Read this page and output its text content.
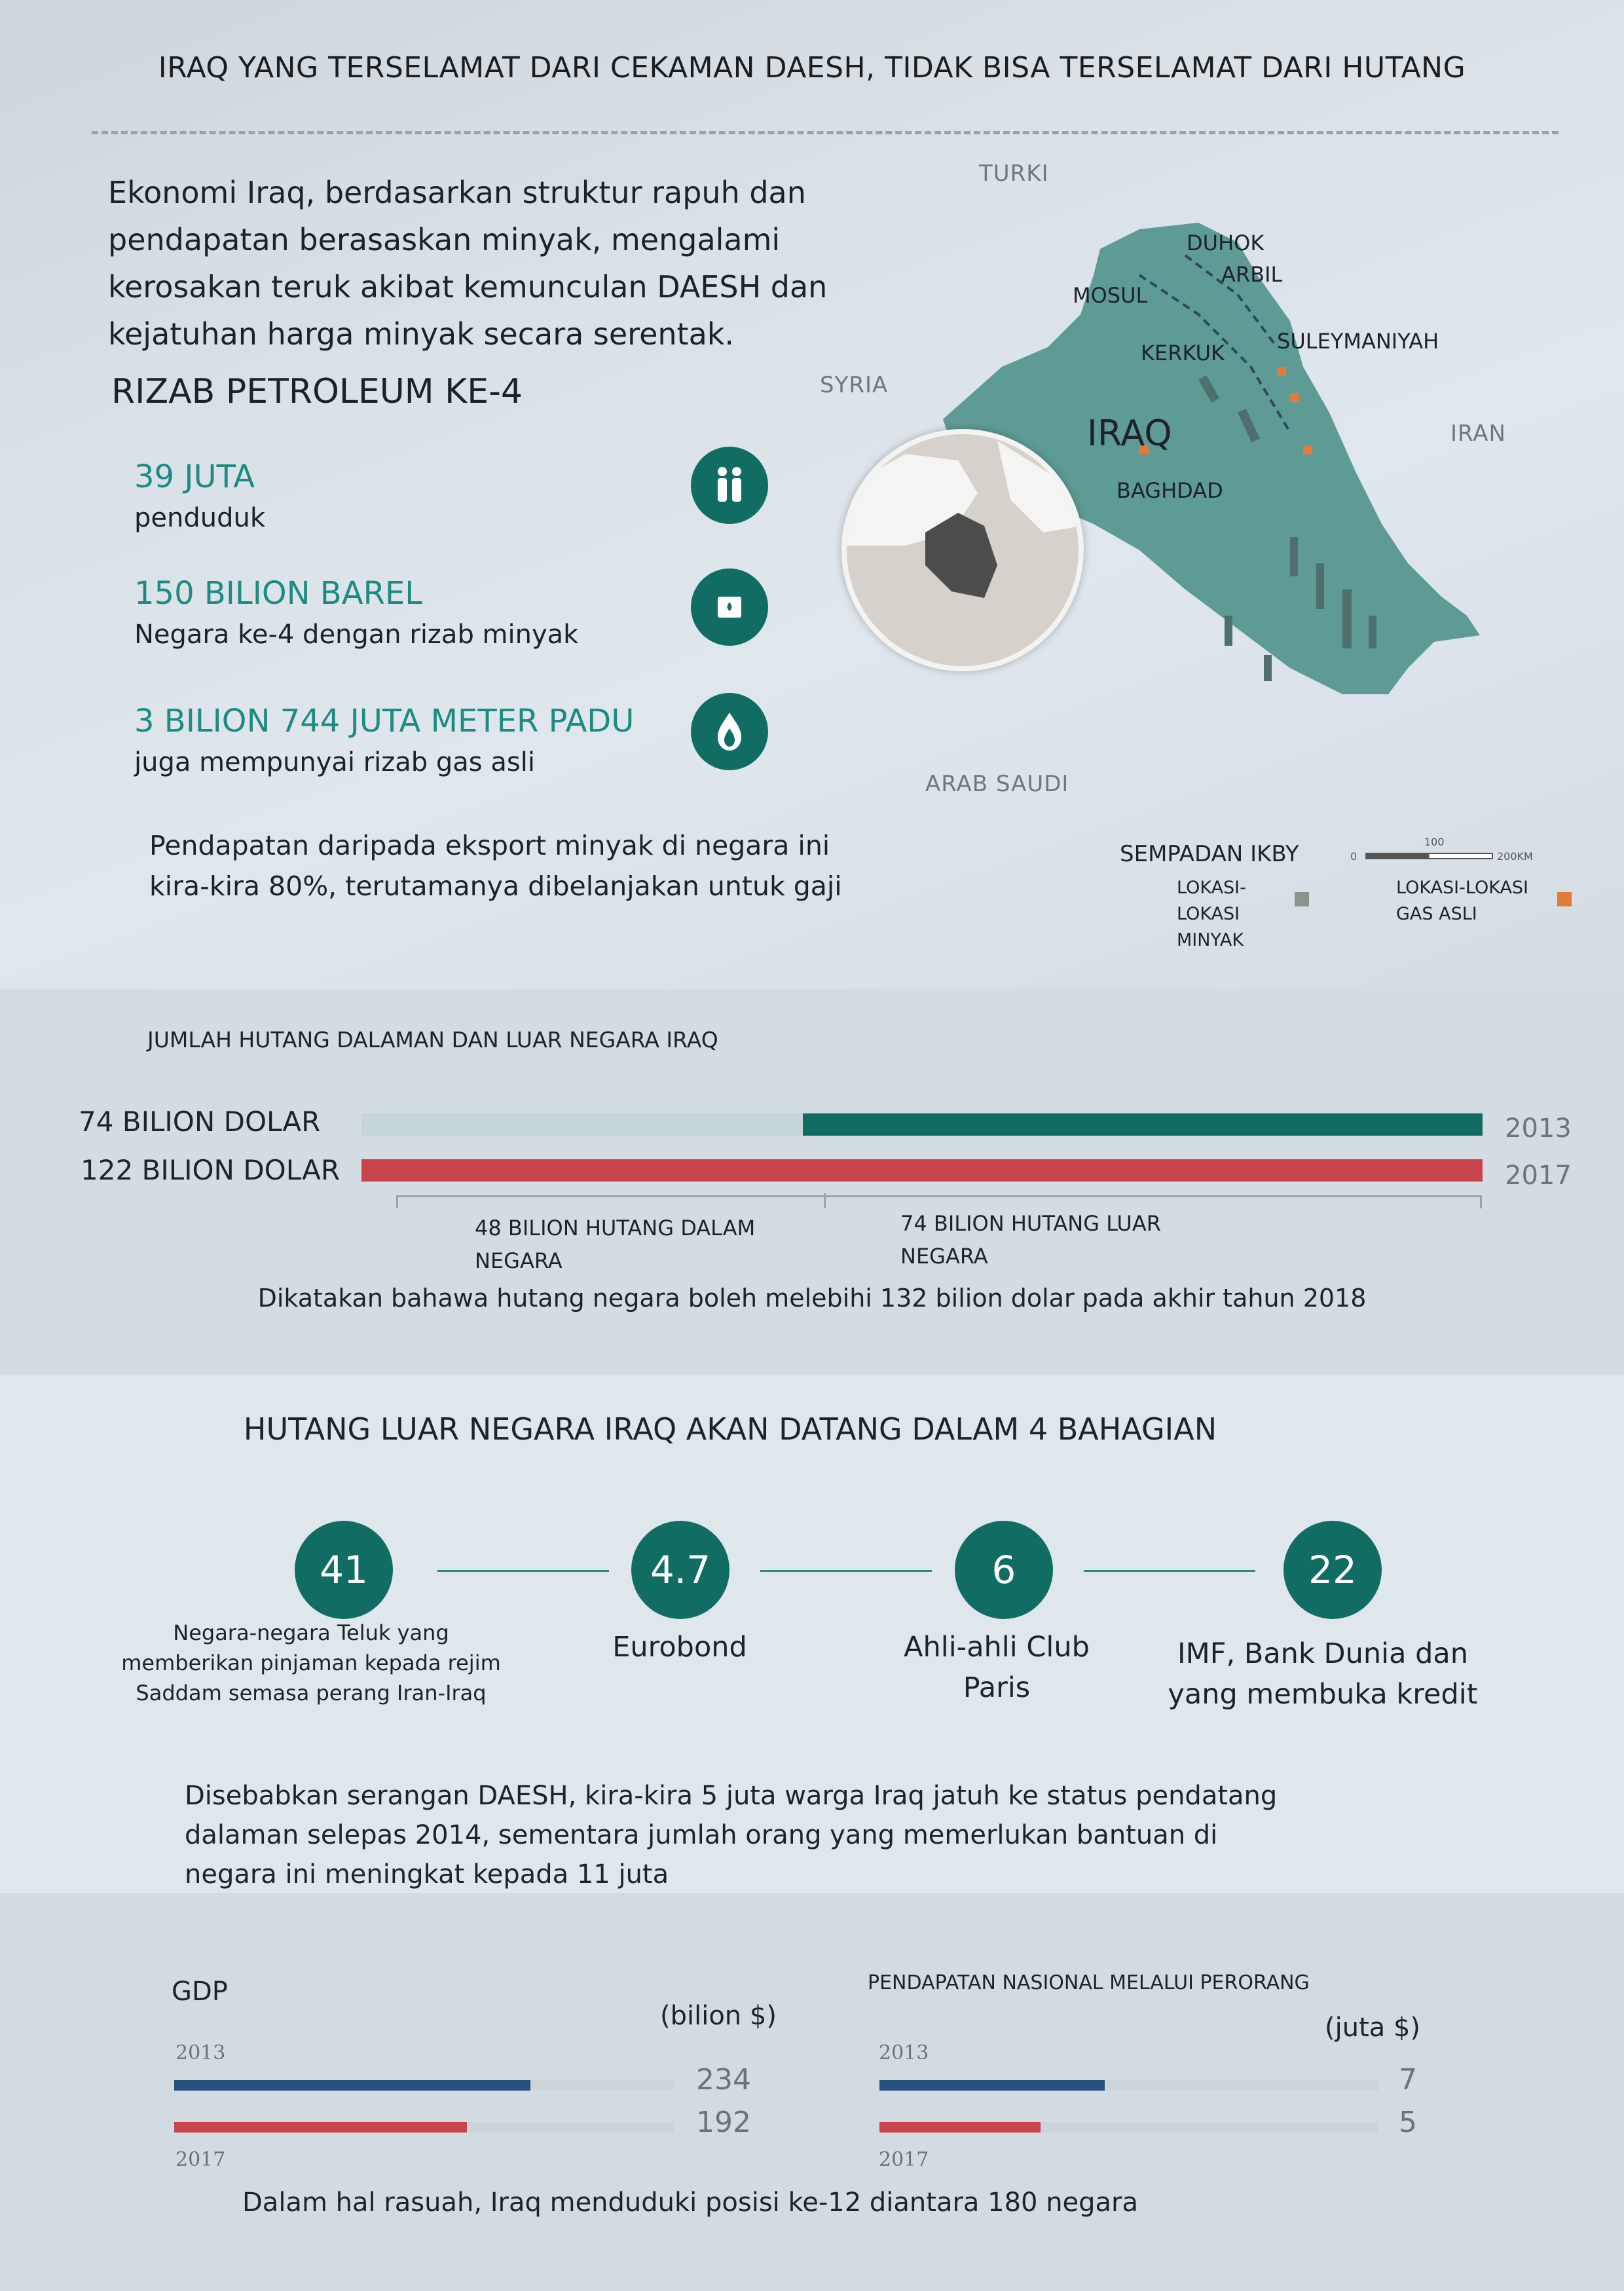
IRAQ YANG TERSELAMAT DARI CEKAMAN DAESH, TIDAK BISA TERSELAMAT DARI HUTANG
Ekonomi Iraq, berdasarkan struktur rapuh dan pendapatan berasaskan minyak, mengalami kerosakan teruk akibat kemunculan DAESH dan kejatuhan harga minyak secara serentak.
RIZAB PETROLEUM KE-4
39 JUTA
penduduk
150 BILION BAREL
Negara ke-4 dengan rizab minyak
3 BILION 744 JUTA METER PADU
juga mempunyai rizab gas asli
Pendapatan daripada eksport minyak di negara ini kira-kira 80%, terutamanya dibelanjakan untuk gaji
TURKI
SYRIA
IRAN
ARAB SAUDI
IRAQ
DUHOK
ARBIL
MOSUL
KERKUK	SULEYMANIYAH
BAGHDAD
SEMPADAN IKBY
LOKASI-LOKASI MINYAK
LOKASI-LOKASI GAS ASLI
100
0	200KM
JUMLAH HUTANG DALAMAN DAN LUAR NEGARA IRAQ
74 BILION DOLAR
122 BILION DOLAR
2013
2017
48 BILION HUTANG DALAM NEGARA
74 BILION HUTANG LUAR NEGARA
Dikatakan bahawa hutang negara boleh melebihi 132 bilion dolar pada akhir tahun 2018
HUTANG LUAR NEGARA IRAQ AKAN DATANG DALAM 4 BAHAGIAN
41	4.7	6	22
Negara-negara Teluk yang memberikan pinjaman kepada rejim Saddam semasa perang Iran-Iraq
Eurobond	Ahli-ahli Club Paris
IMF, Bank Dunia dan yang membuka kredit
Disebabkan serangan DAESH, kira-kira 5 juta warga Iraq jatuh ke status pendatang dalaman selepas 2014, sementara jumlah orang yang memerlukan bantuan di negara ini meningkat kepada 11 juta
GDP
(bilion $)
2013
234
192
2017
PENDAPATAN NASIONAL MELALUI PERORANG
(juta $)
2013
7
5
2017
Dalam hal rasuah, Iraq menduduki posisi ke-12 diantara 180 negara
